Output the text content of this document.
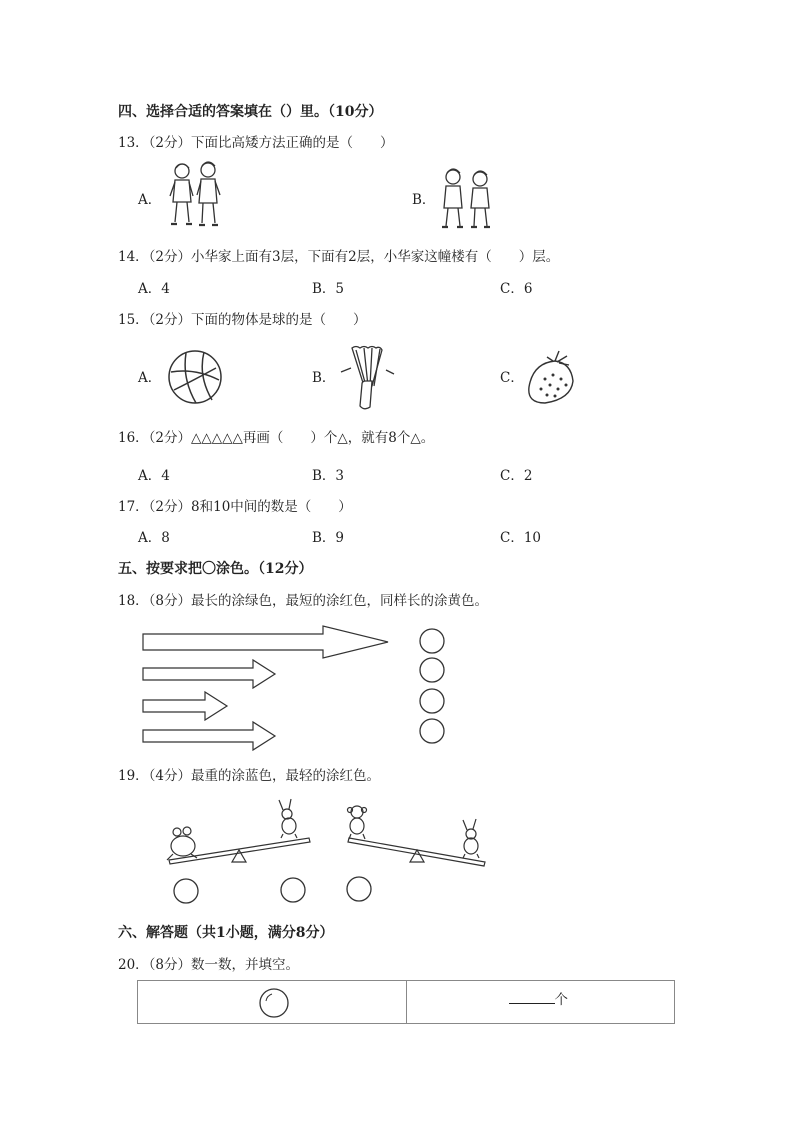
四、选择合适的答案填在（）里。（10分）
13．（2分）下面比高矮方法正确的是（　　）
A．	B．
14．（2分）小华家上面有3层，下面有2层，小华家这幢楼有（　　）层。
A．4	B．5	C．6
15．（2分）下面的物体是球的是（　　）
A．	B．	C．
16．（2分）△△△△△再画（　　）个△，就有8个△。
A．4	B．3	C．2
17．（2分）8和10中间的数是（　　）
A．8	B．9	C．10
五、按要求把〇涂色。（12分）
18．（8分）最长的涂绿色，最短的涂红色，同样长的涂黄色。
19．（4分）最重的涂蓝色，最轻的涂红色。
六、解答题（共1小题，满分8分）
20．（8分）数一数，并填空。
个
